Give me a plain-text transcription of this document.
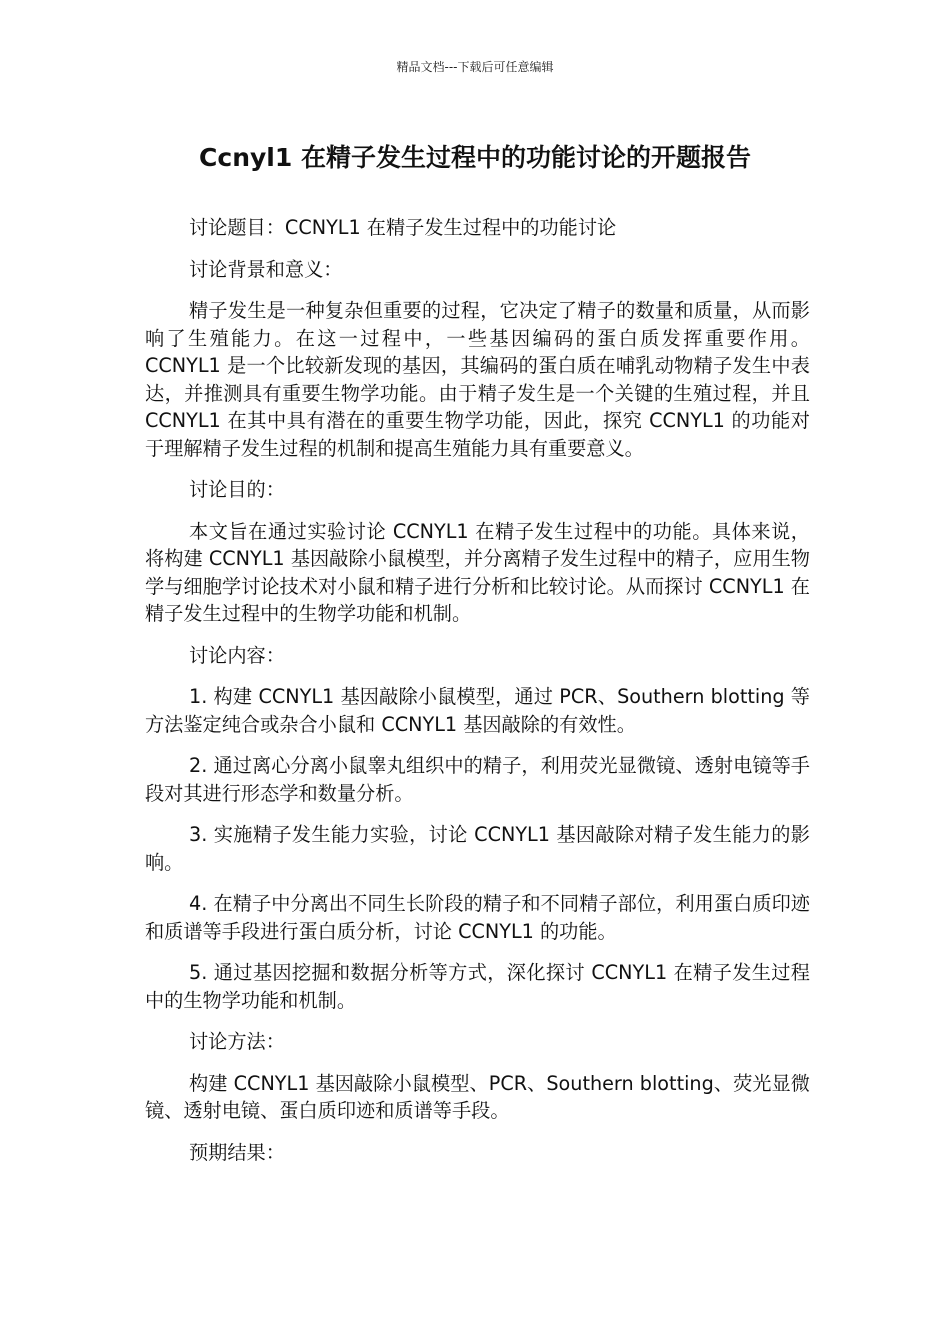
精品文档---下载后可任意编辑
Ccnyl1 在精子发生过程中的功能讨论的开题报告

讨论题目：CCNYL1 在精子发生过程中的功能讨论

讨论背景和意义：

精子发生是一种复杂但重要的过程，它决定了精子的数量和质量，从而影响了生殖能力。在这一过程中，一些基因编码的蛋白质发挥重要作用。CCNYL1 是一个比较新发现的基因，其编码的蛋白质在哺乳动物精子发生中表达，并推测具有重要生物学功能。由于精子发生是一个关键的生殖过程，并且 CCNYL1 在其中具有潜在的重要生物学功能，因此，探究 CCNYL1 的功能对于理解精子发生过程的机制和提高生殖能力具有重要意义。

讨论目的：

本文旨在通过实验讨论 CCNYL1 在精子发生过程中的功能。具体来说，将构建 CCNYL1 基因敲除小鼠模型，并分离精子发生过程中的精子，应用生物学与细胞学讨论技术对小鼠和精子进行分析和比较讨论。从而探讨 CCNYL1 在精子发生过程中的生物学功能和机制。

讨论内容：

1. 构建 CCNYL1 基因敲除小鼠模型，通过 PCR、Southern blotting 等方法鉴定纯合或杂合小鼠和 CCNYL1 基因敲除的有效性。

2. 通过离心分离小鼠睾丸组织中的精子，利用荧光显微镜、透射电镜等手段对其进行形态学和数量分析。

3. 实施精子发生能力实验，讨论 CCNYL1 基因敲除对精子发生能力的影响。

4. 在精子中分离出不同生长阶段的精子和不同精子部位，利用蛋白质印迹和质谱等手段进行蛋白质分析，讨论 CCNYL1 的功能。

5. 通过基因挖掘和数据分析等方式，深化探讨 CCNYL1 在精子发生过程中的生物学功能和机制。

讨论方法：

构建 CCNYL1 基因敲除小鼠模型、PCR、Southern blotting、荧光显微镜、透射电镜、蛋白质印迹和质谱等手段。

预期结果：
